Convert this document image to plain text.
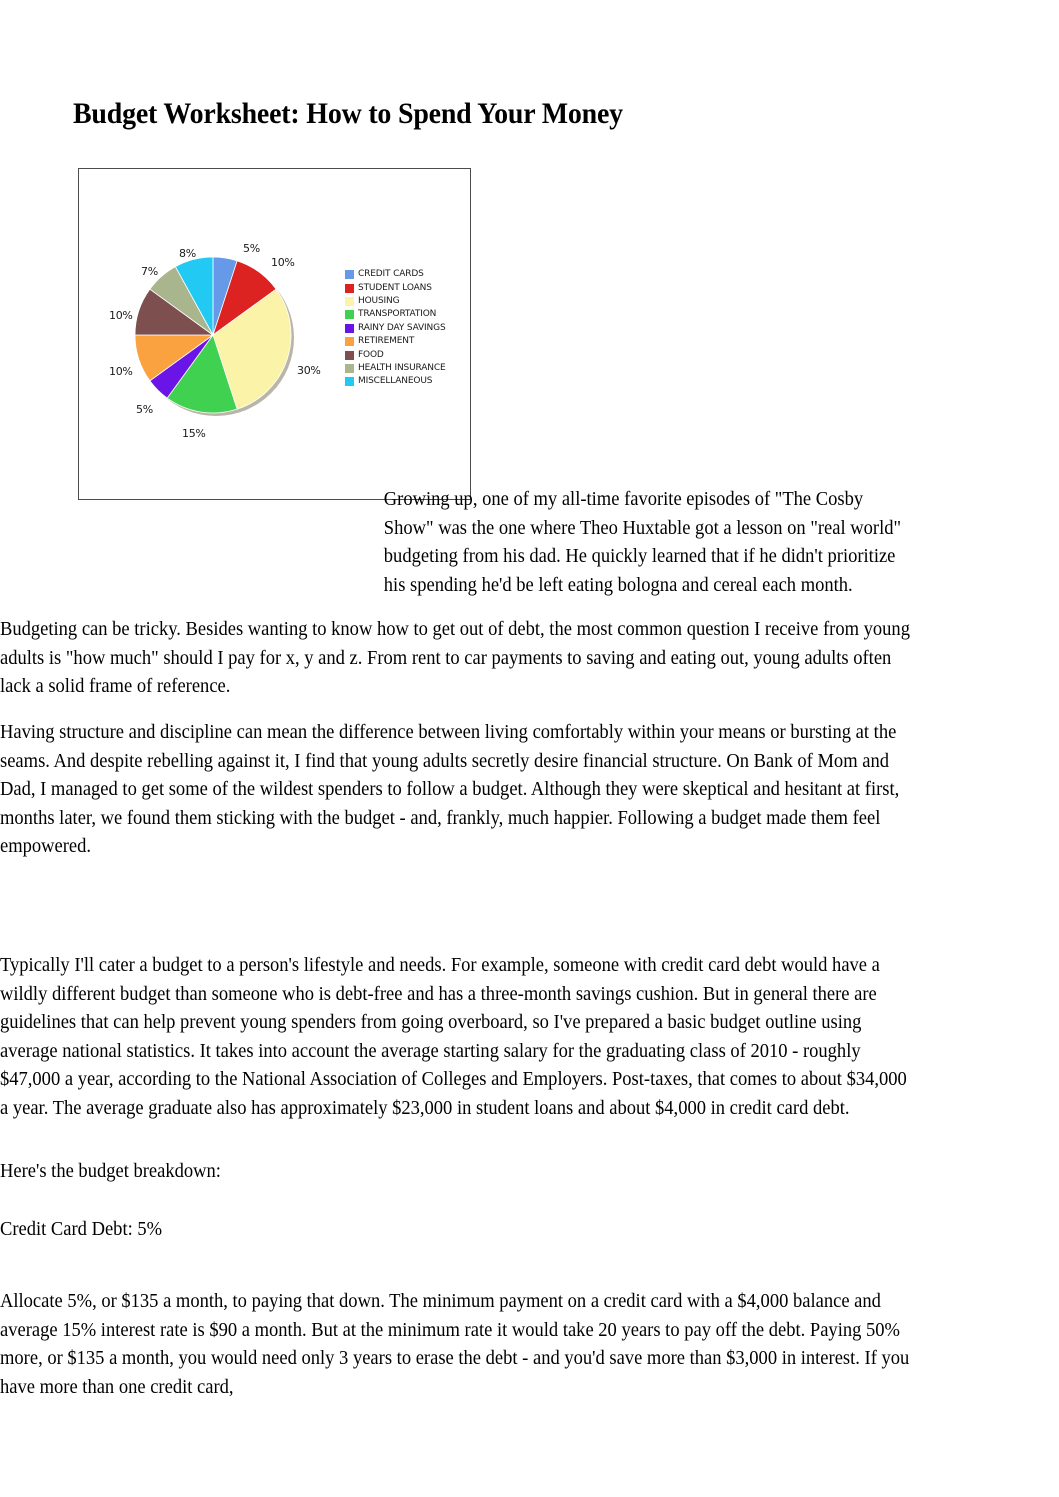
Budget Worksheet: How to Spend Your Money
5%
10%
30%
15%
5%
10%
10%
7%
8%
CREDIT CARDS
STUDENT LOANS
HOUSING
TRANSPORTATION
RAINY DAY SAVINGS
RETIREMENT
FOOD
HEALTH INSURANCE
MISCELLANEOUS
Growing up, one of my all-time favorite episodes of "The Cosby Show" was the one where Theo Huxtable got a lesson on "real world" budgeting from his dad. He quickly learned that if he didn't prioritize his spending he'd be left eating bologna and cereal each month.
Budgeting can be tricky. Besides wanting to know how to get out of debt, the most common question I receive from young adults is "how much" should I pay for x, y and z. From rent to car payments to saving and eating out, young adults often lack a solid frame of reference.
Having structure and discipline can mean the difference between living comfortably within your means or bursting at the seams. And despite rebelling against it, I find that young adults secretly desire financial structure. On Bank of Mom and Dad, I managed to get some of the wildest spenders to follow a budget. Although they were skeptical and hesitant at first, months later, we found them sticking with the budget - and, frankly, much happier. Following a budget made them feel empowered.
Typically I'll cater a budget to a person's lifestyle and needs. For example, someone with credit card debt would have a wildly different budget than someone who is debt-free and has a three-month savings cushion. But in general there are guidelines that can help prevent young spenders from going overboard, so I've prepared a basic budget outline using average national statistics. It takes into account the average starting salary for the graduating class of 2010 - roughly $47,000 a year, according to the National Association of Colleges and Employers. Post-taxes, that comes to about $34,000 a year. The average graduate also has approximately $23,000 in student loans and about $4,000 in credit card debt.
Here's the budget breakdown:
Credit Card Debt: 5%
Allocate 5%, or $135 a month, to paying that down. The minimum payment on a credit card with a $4,000 balance and average 15% interest rate is $90 a month. But at the minimum rate it would take 20 years to pay off the debt. Paying 50% more, or $135 a month, you would need only 3 years to erase the debt - and you'd save more than $3,000 in interest. If you have more than one credit card,
